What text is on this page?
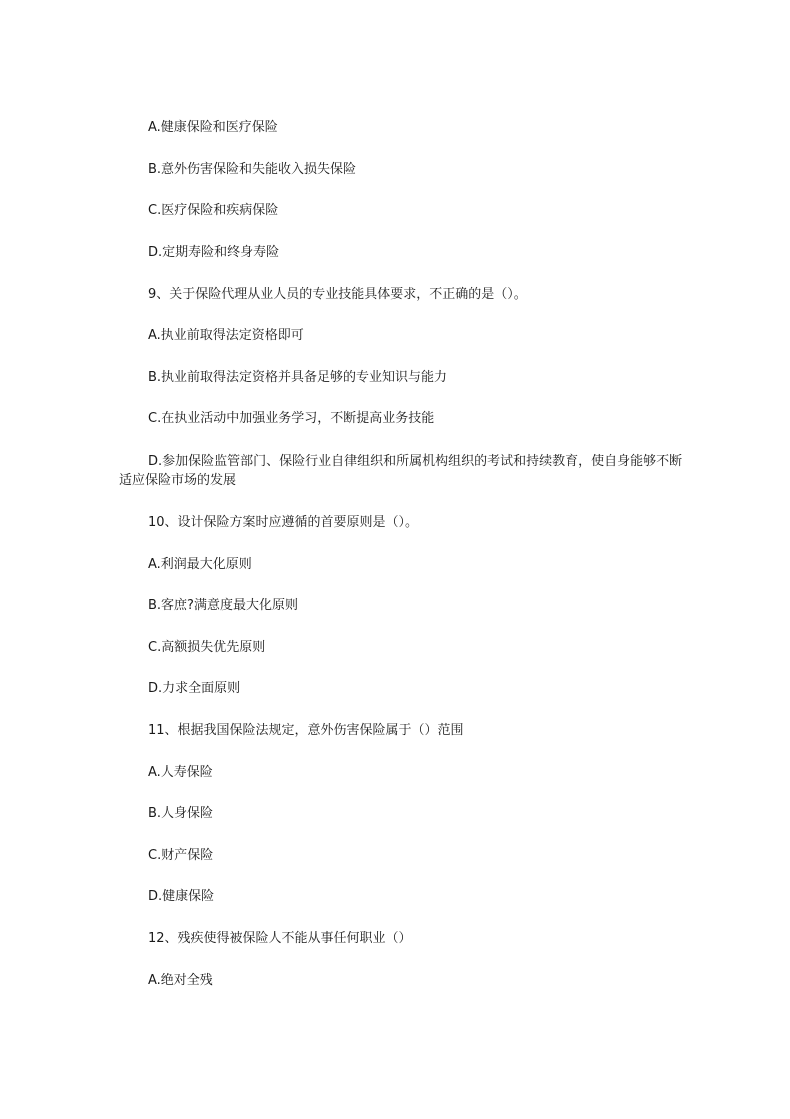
A.健康保险和医疗保险
B.意外伤害保险和失能收入损失保险
C.医疗保险和疾病保险
D.定期寿险和终身寿险
9、关于保险代理从业人员的专业技能具体要求，不正确的是（）。
A.执业前取得法定资格即可
B.执业前取得法定资格并具备足够的专业知识与能力
C.在执业活动中加强业务学习，不断提高业务技能
D.参加保险监管部门、保险行业自律组织和所属机构组织的考试和持续教育，使自身能够不断适应保险市场的发展
10、设计保险方案时应遵循的首要原则是（）。
A.利润最大化原则
B.客庶?满意度最大化原则
C.高额损失优先原则
D.力求全面原则
11、根据我国保险法规定，意外伤害保险属于（）范围
A.人寿保险
B.人身保险
C.财产保险
D.健康保险
12、残疾使得被保险人不能从事任何职业（）
A.绝对全残
